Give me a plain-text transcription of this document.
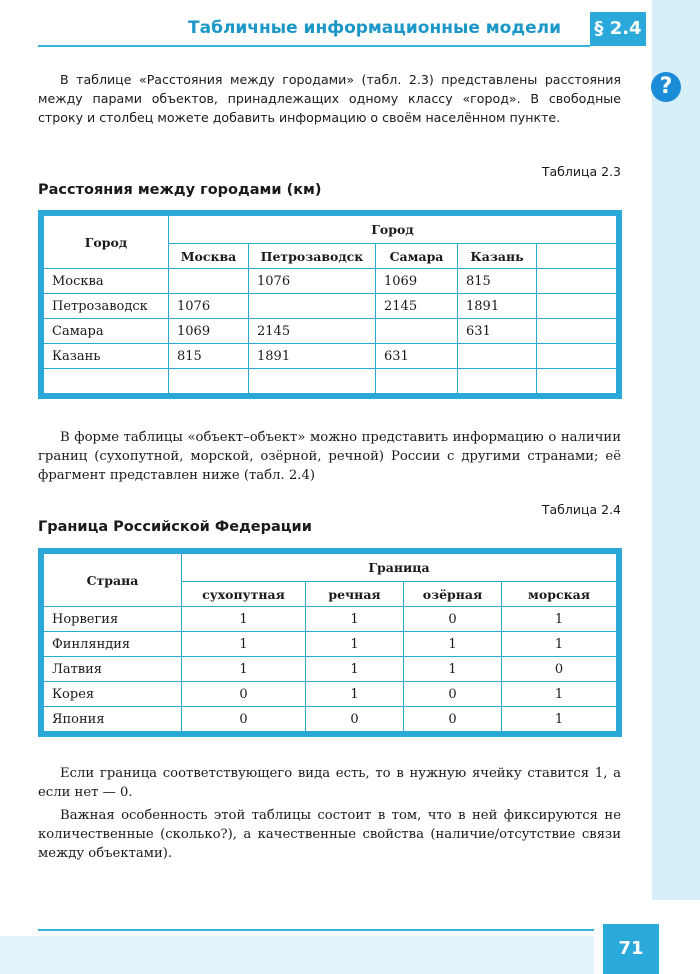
Табличные информационные модели	§ 2.4
?

В таблице «Расстояния между городами» (табл. 2.3) представлены расстояния между парами объектов, принадлежащих одному классу «город». В свободные строку и столбец можете добавить информацию о своём населённом пункте.

Таблица 2.3
Расстояния между городами (км)
Город	Город				
	Москва	Петрозаводск	Самара	Казань	
Москва		1076	1069	815	
Петрозаводск	1076		2145	1891	
Самара	1069	2145		631	
Казань	815	1891	631		

В форме таблицы «объект–объект» можно представить информацию о наличии границ (сухопутной, морской, озёрной, речной) России с другими странами; её фрагмент представлен ниже (табл. 2.4)

Таблица 2.4
Граница Российской Федерации
Страна	Граница			
	сухопутная	речная	озёрная	морская
Норвегия	1	1	0	1
Финляндия	1	1	1	1
Латвия	1	1	1	0
Корея	0	1	0	1
Япония	0	0	0	1

Если граница соответствующего вида есть, то в нужную ячейку ставится 1, а если нет — 0.

Важная особенность этой таблицы состоит в том, что в ней фиксируются не количественные (сколько?), а качественные свойства (наличие/отсутствие связи между объектами).

71
